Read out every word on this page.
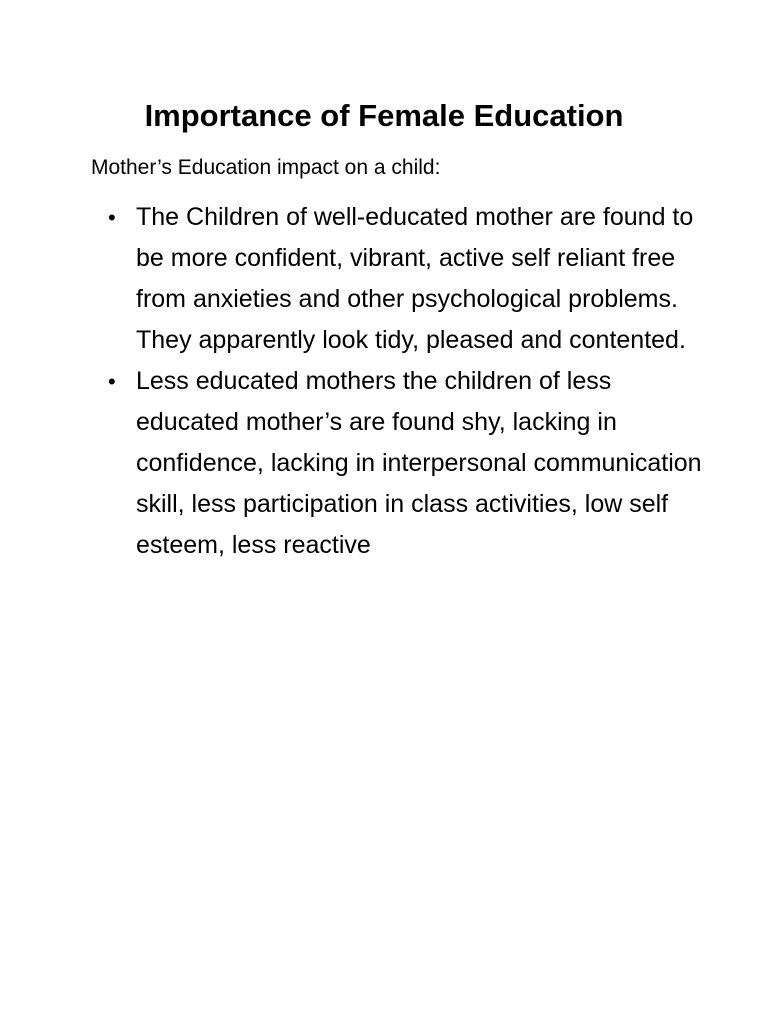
Importance of Female Education

Mother’s Education impact on a child:

• The Children of well-educated mother are found to be more confident, vibrant, active self reliant free from anxieties and other psychological problems. They apparently look tidy, pleased and contented.
• Less educated mothers the children of less educated mother’s are found shy, lacking in confidence, lacking in interpersonal communication skill, less participation in class activities, low self esteem, less reactive
